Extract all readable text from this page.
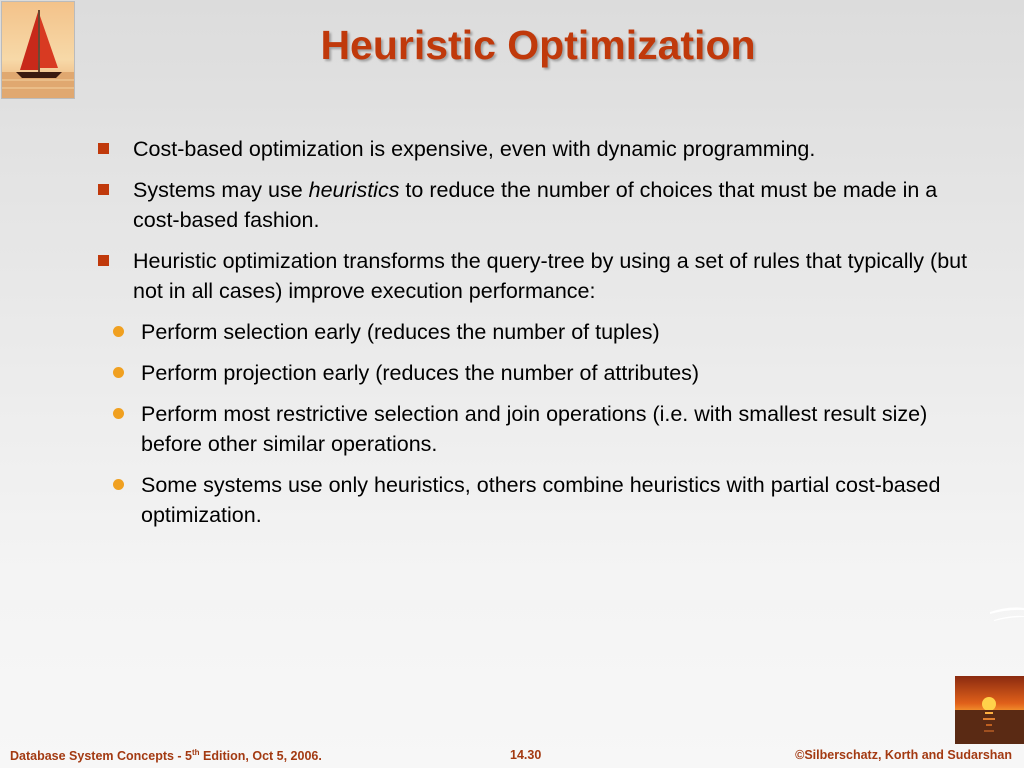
Heuristic Optimization
Cost-based optimization is expensive, even with dynamic programming.
Systems may use heuristics to reduce the number of choices that must be made in a cost-based fashion.
Heuristic optimization transforms the query-tree by using a set of rules that typically (but not in all cases) improve execution performance:
Perform selection early (reduces the number of tuples)
Perform projection early (reduces the number of attributes)
Perform most restrictive selection and join operations (i.e. with smallest result size) before other similar operations.
Some systems use only heuristics, others combine heuristics with partial cost-based optimization.
Database System Concepts - 5th Edition, Oct 5, 2006.	14.30	©Silberschatz, Korth and Sudarshan
